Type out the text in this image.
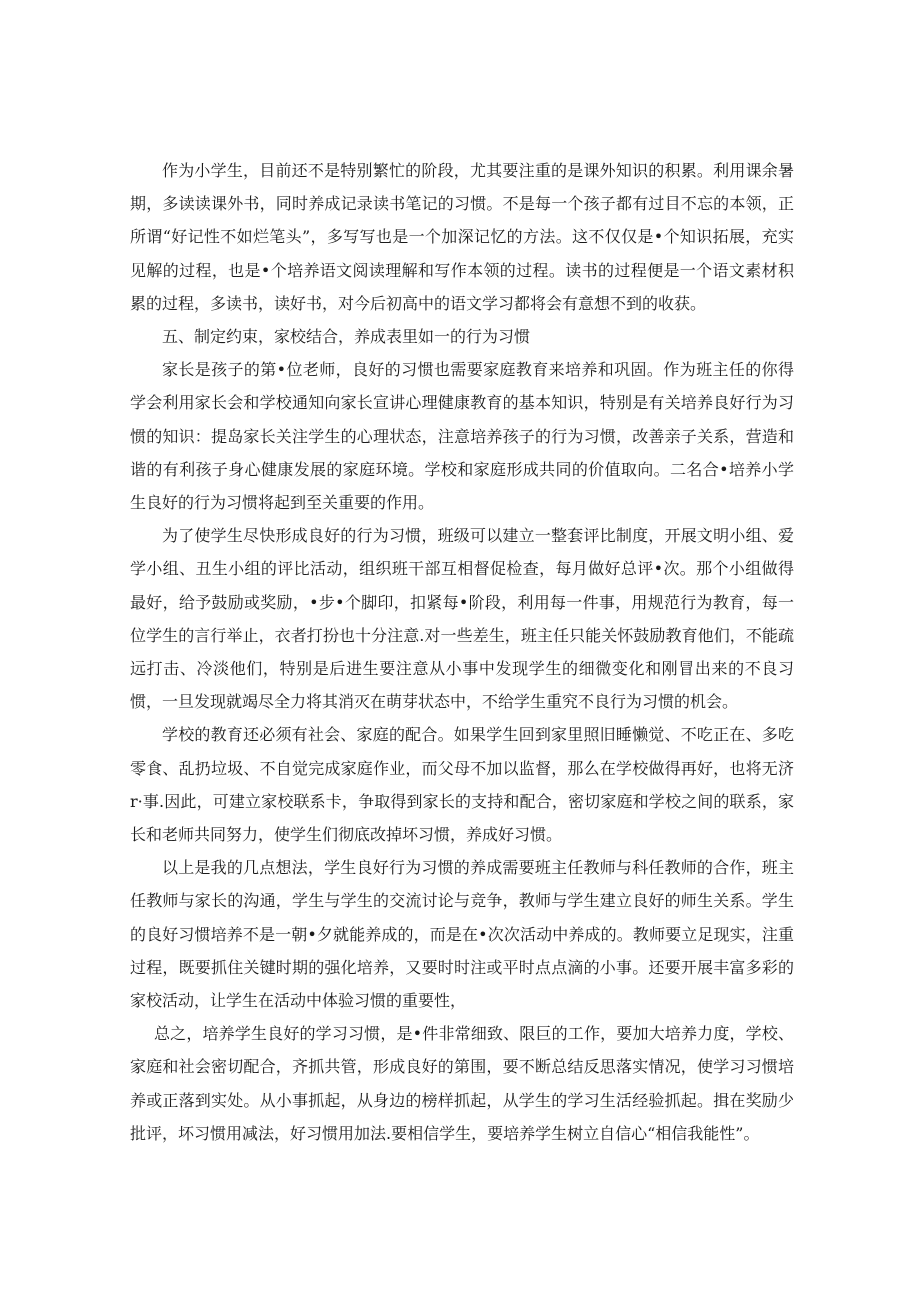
作为小学生，目前还不是特别繁忙的阶段，尤其要注重的是课外知识的积累。利用课余暑期，多读读课外书，同时养成记录读书笔记的习惯。不是每一个孩子都有过目不忘的本领，正所谓“好记性不如烂笔头”，多写写也是一个加深记忆的方法。这不仅仅是•个知识拓展，充实见解的过程，也是•个培养语文阅读理解和写作本领的过程。读书的过程便是一个语文素材积累的过程，多读书，读好书，对今后初高中的语文学习都将会有意想不到的收获。

五、制定约束，家校结合，养成表里如一的行为习惯

家长是孩子的第•位老师，良好的习惯也需要家庭教育来培养和巩固。作为班主任的你得学会利用家长会和学校通知向家长宣讲心理健康教育的基本知识，特别是有关培养良好行为习惯的知识：提岛家长关注学生的心理状态，注意培养孩子的行为习惯，改善亲子关系，营造和谐的有利孩子身心健康发展的家庭环境。学校和家庭形成共同的价值取向。二名合•培养小学生良好的行为习惯将起到至关重要的作用。

为了使学生尽快形成良好的行为习惯，班级可以建立一整套评比制度，开展文明小组、爱学小组、丑生小组的评比活动，组织班干部互相督促检查，每月做好总评•次。那个小组做得最好，给予鼓励或奖励，•步•个脚印，扣紧每•阶段，利用每一件事，用规范行为教育，每一位学生的言行举止，衣者打扮也十分注意.对一些差生，班主任只能关怀鼓励教育他们，不能疏远打击、冷淡他们，特别是后进生要注意从小事中发现学生的细微变化和刚冒出来的不良习惯，一旦发现就竭尽全力将其消灭在萌芽状态中，不给学生重究不良行为习惯的机会。

学校的教育还必须有社会、家庭的配合。如果学生回到家里照旧睡懒觉、不吃正在、多吃零食、乱扔垃圾、不自觉完成家庭作业，而父母不加以监督，那么在学校做得再好，也将无济r·事.因此，可建立家校联系卡，争取得到家长的支持和配合，密切家庭和学校之间的联系，家长和老师共同努力，使学生们彻底改掉坏习惯，养成好习惯。

以上是我的几点想法，学生良好行为习惯的养成需要班主任教师与科任教师的合作，班主任教师与家长的沟通，学生与学生的交流讨论与竞争，教师与学生建立良好的师生关系。学生的良好习惯培养不是一朝•夕就能养成的，而是在•次次活动中养成的。教师要立足现实，注重过程，既要抓住关键时期的强化培养，又要时时注或平时点点滴的小事。还要开展丰富多彩的家校活动，让学生在活动中体验习惯的重要性，

总之，培养学生良好的学习习惯，是•件非常细致、限巨的工作，要加大培养力度，学校、家庭和社会密切配合，齐抓共管，形成良好的第围，要不断总结反思落实情况，使学习习惯培养或正落到实处。从小事抓起，从身边的榜样抓起，从学生的学习生活经验抓起。揖在奖励少批评，坏习惯用减法，好习惯用加法.要相信学生，要培养学生树立自信心“相信我能性”。
